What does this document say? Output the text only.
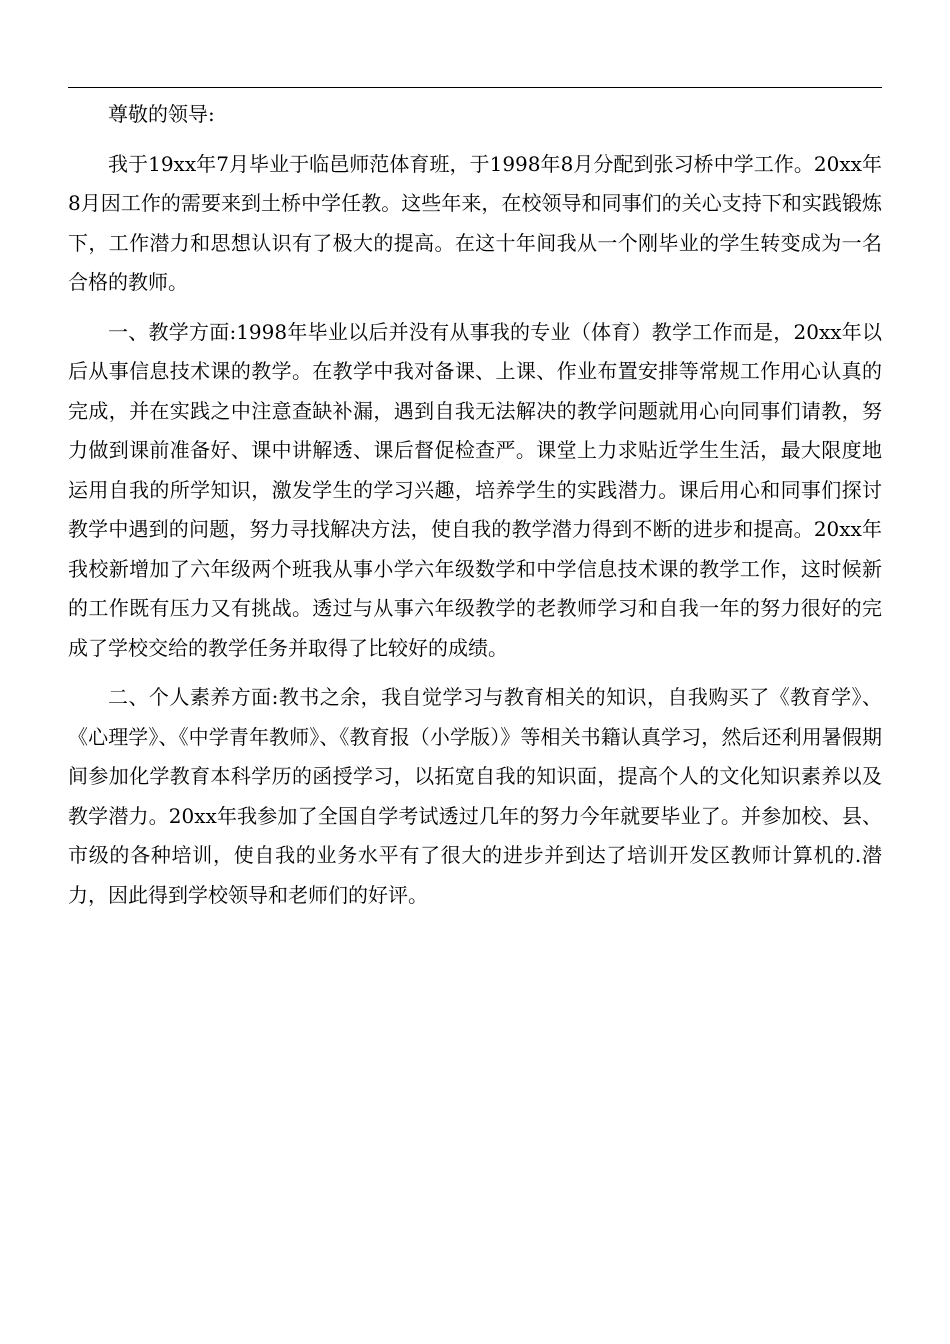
尊敬的领导:

我于19xx年7月毕业于临邑师范体育班，于1998年8月分配到张习桥中学工作。20xx年8月因工作的需要来到土桥中学任教。这些年来，在校领导和同事们的关心支持下和实践锻炼下，工作潜力和思想认识有了极大的提高。在这十年间我从一个刚毕业的学生转变成为一名合格的教师。

一、教学方面:1998年毕业以后并没有从事我的专业（体育）教学工作而是，20xx年以后从事信息技术课的教学。在教学中我对备课、上课、作业布置安排等常规工作用心认真的完成，并在实践之中注意查缺补漏，遇到自我无法解决的教学问题就用心向同事们请教，努力做到课前准备好、课中讲解透、课后督促检查严。课堂上力求贴近学生生活，最大限度地运用自我的所学知识，激发学生的学习兴趣，培养学生的实践潜力。课后用心和同事们探讨教学中遇到的问题，努力寻找解决方法，使自我的教学潜力得到不断的进步和提高。20xx年我校新增加了六年级两个班我从事小学六年级数学和中学信息技术课的教学工作，这时候新的工作既有压力又有挑战。透过与从事六年级教学的老教师学习和自我一年的努力很好的完成了学校交给的教学任务并取得了比较好的成绩。

二、个人素养方面:教书之余，我自觉学习与教育相关的知识，自我购买了《教育学》、《心理学》、《中学青年教师》、《教育报（小学版）》等相关书籍认真学习，然后还利用暑假期间参加化学教育本科学历的函授学习，以拓宽自我的知识面，提高个人的文化知识素养以及教学潜力。20xx年我参加了全国自学考试透过几年的努力今年就要毕业了。并参加校、县、市级的各种培训，使自我的业务水平有了很大的进步并到达了培训开发区教师计算机的.潜力，因此得到学校领导和老师们的好评。
